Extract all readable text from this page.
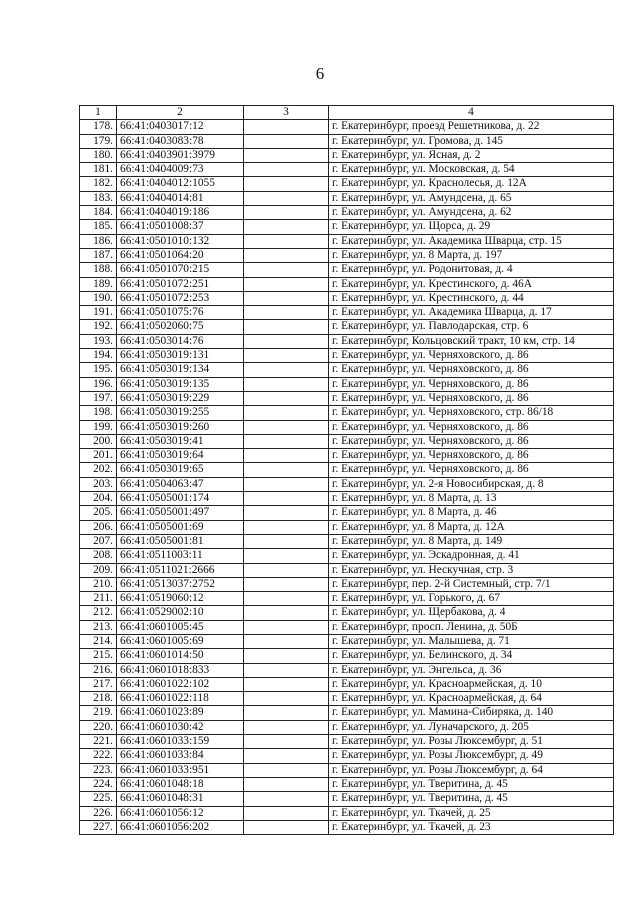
6
1	2	3	4
178.	66:41:0403017:12		г. Екатеринбург, проезд Решетникова, д. 22
179.	66:41:0403083:78		г. Екатеринбург, ул. Громова, д. 145
180.	66:41:0403901:3979		г. Екатеринбург, ул. Ясная, д. 2
181.	66:41:0404009:73		г. Екатеринбург, ул. Московская, д. 54
182.	66:41:0404012:1055		г. Екатеринбург, ул. Краснолесья, д. 12А
183.	66:41:0404014:81		г. Екатеринбург, ул. Амундсена, д. 65
184.	66:41:0404019:186		г. Екатеринбург, ул. Амундсена, д. 62
185.	66:41:0501008:37		г. Екатеринбург, ул. Щорса, д. 29
186.	66:41:0501010:132		г. Екатеринбург, ул. Академика Шварца, стр. 15
187.	66:41:0501064:20		г. Екатеринбург, ул. 8 Марта, д. 197
188.	66:41:0501070:215		г. Екатеринбург, ул. Родонитовая, д. 4
189.	66:41:0501072:251		г. Екатеринбург, ул. Крестинского, д. 46А
190.	66:41:0501072:253		г. Екатеринбург, ул. Крестинского, д. 44
191.	66:41:0501075:76		г. Екатеринбург, ул. Академика Шварца, д. 17
192.	66:41:0502060:75		г. Екатеринбург, ул. Павлодарская, стр. 6
193.	66:41:0503014:76		г. Екатеринбург, Кольцовский тракт, 10 км, стр. 14
194.	66:41:0503019:131		г. Екатеринбург, ул. Черняховского, д. 86
195.	66:41:0503019:134		г. Екатеринбург, ул. Черняховского, д. 86
196.	66:41:0503019:135		г. Екатеринбург, ул. Черняховского, д. 86
197.	66:41:0503019:229		г. Екатеринбург, ул. Черняховского, д. 86
198.	66:41:0503019:255		г. Екатеринбург, ул. Черняховского, стр. 86/18
199.	66:41:0503019:260		г. Екатеринбург, ул. Черняховского, д. 86
200.	66:41:0503019:41		г. Екатеринбург, ул. Черняховского, д. 86
201.	66:41:0503019:64		г. Екатеринбург, ул. Черняховского, д. 86
202.	66:41:0503019:65		г. Екатеринбург, ул. Черняховского, д. 86
203.	66:41:0504063:47		г. Екатеринбург, ул. 2-я Новосибирская, д. 8
204.	66:41:0505001:174		г. Екатеринбург, ул. 8 Марта, д. 13
205.	66:41:0505001:497		г. Екатеринбург, ул. 8 Марта, д. 46
206.	66:41:0505001:69		г. Екатеринбург, ул. 8 Марта, д. 12А
207.	66:41:0505001:81		г. Екатеринбург, ул. 8 Марта, д. 149
208.	66:41:0511003:11		г. Екатеринбург, ул. Эскадронная, д. 41
209.	66:41:0511021:2666		г. Екатеринбург, ул. Нескучная, стр. 3
210.	66:41:0513037:2752		г. Екатеринбург, пер. 2-й Системный, стр. 7/1
211.	66:41:0519060:12		г. Екатеринбург, ул. Горького, д. 67
212.	66:41:0529002:10		г. Екатеринбург, ул. Щербакова, д. 4
213.	66:41:0601005:45		г. Екатеринбург, просп. Ленина, д. 50Б
214.	66:41:0601005:69		г. Екатеринбург, ул. Малышева, д. 71
215.	66:41:0601014:50		г. Екатеринбург, ул. Белинского, д. 34
216.	66:41:0601018:833		г. Екатеринбург, ул. Энгельса, д. 36
217.	66:41:0601022:102		г. Екатеринбург, ул. Красноармейская, д. 10
218.	66:41:0601022:118		г. Екатеринбург, ул. Красноармейская, д. 64
219.	66:41:0601023:89		г. Екатеринбург, ул. Мамина-Сибиряка, д. 140
220.	66:41:0601030:42		г. Екатеринбург, ул. Луначарского, д. 205
221.	66:41:0601033:159		г. Екатеринбург, ул. Розы Люксембург, д. 51
222.	66:41:0601033:84		г. Екатеринбург, ул. Розы Люксембург, д. 49
223.	66:41:0601033:951		г. Екатеринбург, ул. Розы Люксембург, д. 64
224.	66:41:0601048:18		г. Екатеринбург, ул. Тверитина, д. 45
225.	66:41:0601048:31		г. Екатеринбург, ул. Тверитина, д. 45
226.	66:41:0601056:12		г. Екатеринбург, ул. Ткачей, д. 25
227.	66:41:0601056:202		г. Екатеринбург, ул. Ткачей, д. 23
